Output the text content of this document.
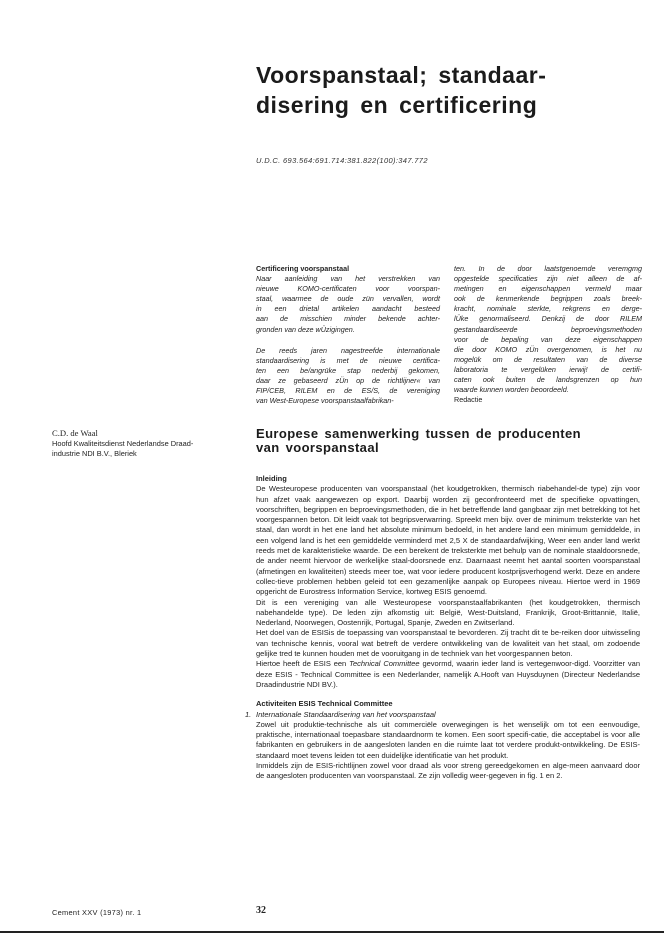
Voorspanstaal; standaar-
disering en certificering

U.D.C. 693.564:691.714:381.822(100):347.772

Certificering voorspanstaal

Naar aanleiding van het verstrekken van

nieuwe KOMO-certificaten voor voorspan-

staal, waarmee de oude zün vervallen, wordt

in een drietal artikelen aandacht besteed

aan de misschien minder bekende achter-

gronden van deze wÜzigingen.

De reeds jaren nagestreefde internationale

standaardisering is met de nieuwe certifica-

ten een be/angrüke stap nederbij gekomen,

daar ze gebaseerd zÜn op de richtlijner« van

FIP/CEB, RILEM en de ES/S, de vereniging

van West-Europese voorspanstaalfabrikan-

ten. In de door laatstgenoemde veremgmg

opgestelde specificaties zijn niet alleen de af-

metingen en eigenschappen vermeld maar

ook de kenmerkende begrippen zoals breek-

kracht, nominale sterkte, rekgrens en derge-

lÜke genormaliseerd. Denkzij de door RILEM

gestandaardiseerde beproevingsmethoden

voor de bepaling van deze eigenschappen

die door KOMO zÜn overgenomen, is het nu

mogelük om de resultaten van de diverse

laboratoria te vergelüken ierwij! de certifi-

caten ook buiten de landsgrenzen op hun

waarde kunnen worden beoordeeld.

Redactie

C.D. de Waal

Hoofd Kwaliteitsdienst Nederlandse Draad-

industrie NDI B.V., Bleriek

Europese samenwerking tussen de producenten
van voorspanstaal

Inleiding

De Westeuropese producenten van voorspanstaal (het koudgetrokken, thermisch riabehandel-de type) zijn voor hun afzet vaak aangewezen op export. Daarbij worden zij geconfronteerd met de specifieke opvattingen, voorschriften, begrippen en beproevingsmethoden, die in het betreffende land gangbaar zijn met betrekking tot het voorgespannen beton. Dit leidt vaak tot begripsverwarring. Spreekt men bijv. over de minimum treksterkte van het staal, dan wordt in het ene land het absolute minimum bedoeld, in het andere land een minimum gemiddelde, in een volgend land is het een gemiddelde verminderd met 2,5 X de standaardafwijking, Weer een ander land werkt reeds met de karakteristieke waarde. De een berekent de treksterkte met behulp van de nominale staaldoorsnede, de ander neemt hiervoor de werkelijke staal-doorsnede enz. Daarnaast neemt het aantal soorten voorspanstaal (afmetingen en kwaliteiten) steeds meer toe, wat voor iedere producent kostprijsverhogend werkt. Deze en andere collec-tieve problemen hebben geleid tot een gezamenlijke aanpak op Europees niveau. Hiertoe werd in 1969 opgericht de Eurostress Information Service, kortweg ESIS genoemd.

Dit is een vereniging van alle Westeuropese voorspanstaalfabrikanten (het koudgetrokken, thermisch nabehandelde type). De leden zijn afkomstig uit: België, West-Duitsland, Frankrijk, Groot-Brittannië, Italië, Nederland, Noorwegen, Oostenrijk, Portugal, Spanje, Zweden en Zwitserland.

Het doel van de ESISis de toepassing van voorspanstaal te bevorderen. Zij tracht dit te be-reiken door uitwisseling van technische kennis, vooral wat betreft de verdere ontwikkeling van de kwaliteit van het staal, om zodoende gelijke tred te kunnen houden met de vooruitgang in de techniek van het voorgespannen beton.

Hiertoe heeft de ESIS een Technical Committee gevormd, waarin ieder land is vertegenwoor-digd. Voorzitter van deze ESIS - Technical Committee is een Nederlander, namelijk A.Hooft van Huysduynen (Directeur Nederlandse Draadindustrie NDI BV.).

Activiteiten ESIS Technical Committee

1. Internationale Standaardisering van het voorspanstaal

Zowel uit produktie-technische als uit commerciële overwegingen is het wenselijk om tot een eenvoudige, praktische, internationaal toepasbare standaardnorm te komen. Een soort specifi-catie, die acceptabel is voor alle fabrikanten en gebruikers in de aangesloten landen en die ruimte laat tot verdere produkt-ontwikkeling. De ESIS-standaard moet tevens leiden tot een duidelijke identificatie van het produkt.

Inmiddels zijn de ESIS-richtlijnen zowel voor draad als voor streng gereedgekomen en alge-meen aanvaard door de aangesloten producenten van voorspanstaal. Ze zijn volledig weer-gegeven in fig. 1 en 2.

Cement XXV (1973) nr. 1	32
